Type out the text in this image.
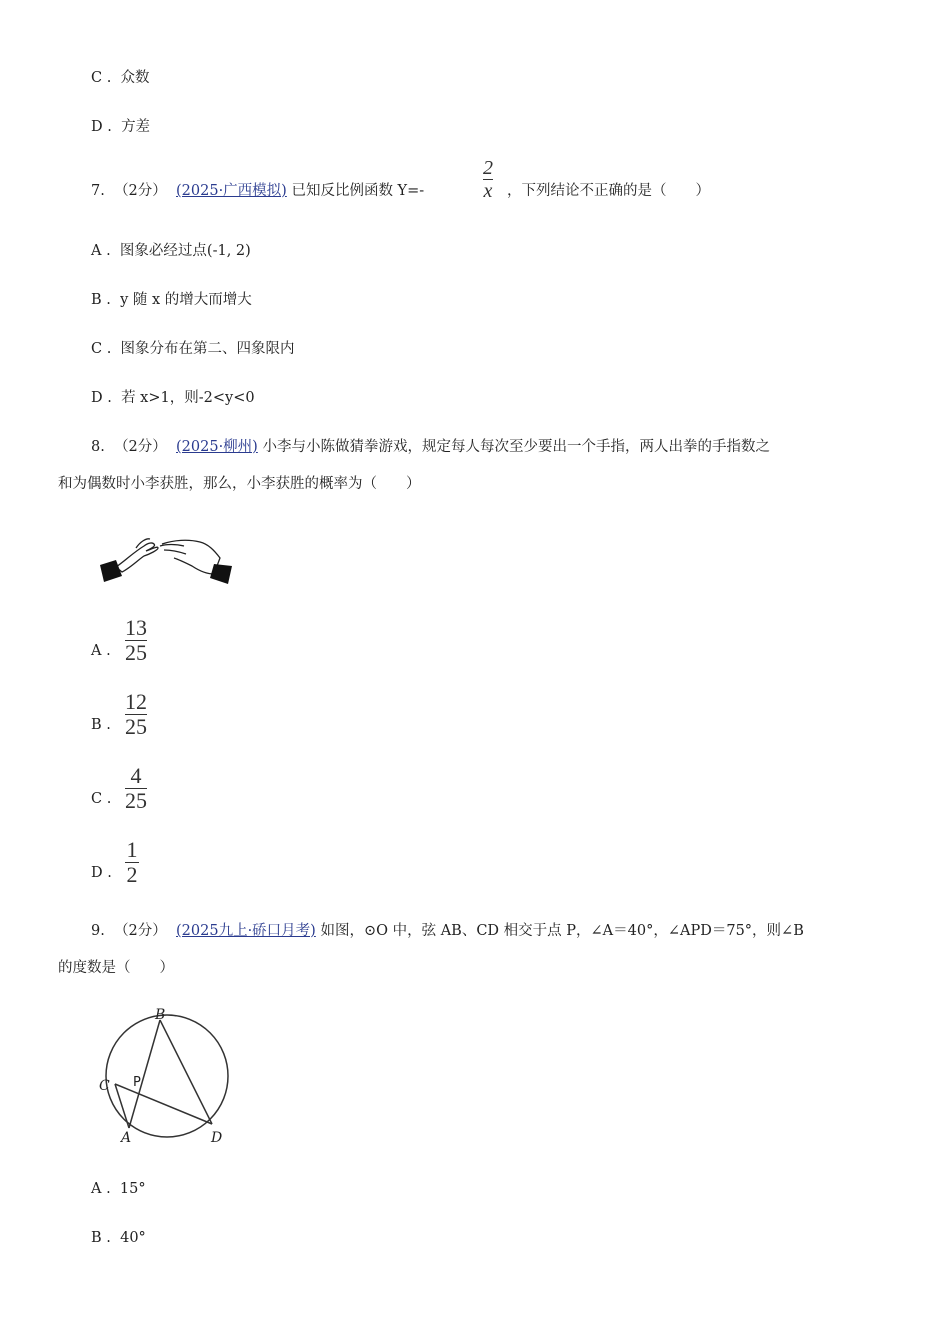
C . 众数
D . 方差
7. （2分） (2025·广西模拟) 已知反比例函数 Y=-
2
x ，下列结论不正确的是（　　）
A . 图象必经过点(-1, 2)
B . y 随 x 的增大而增大
C . 图象分布在第二、四象限内
D . 若 x>1，则-2<y<0
8. （2分） (2025·柳州) 小李与小陈做猜拳游戏，规定每人每次至少要出一个手指，两人出拳的手指数之
和为偶数时小李获胜，那么，小李获胜的概率为（　　）
A .
13
25
B .
12
25
C .
4
25
D .
1
2
9. （2分） (2025九上·硚口月考) 如图，⊙O 中，弦 AB、CD 相交于点 P，∠A＝40°，∠APD＝75°，则∠B
的度数是（　　）
B
C P
A	D
A . 15°
B . 40°
